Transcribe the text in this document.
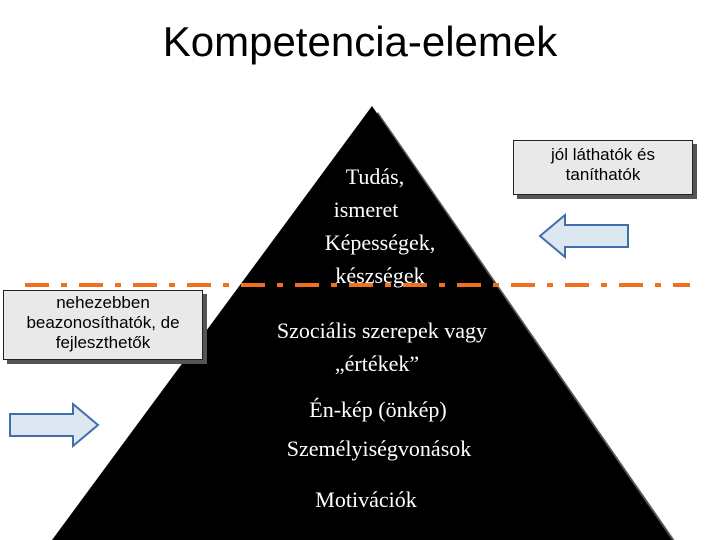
Kompetencia-elemek
Tudás,
ismeret
Képességek,
készségek
Szociális szerepek vagy
„értékek”
Én-kép (önkép)
Személyiségvonások
Motivációk
nehezebben
beazonosíthatók, de
fejleszthetők
jól láthatók és
taníthatók
